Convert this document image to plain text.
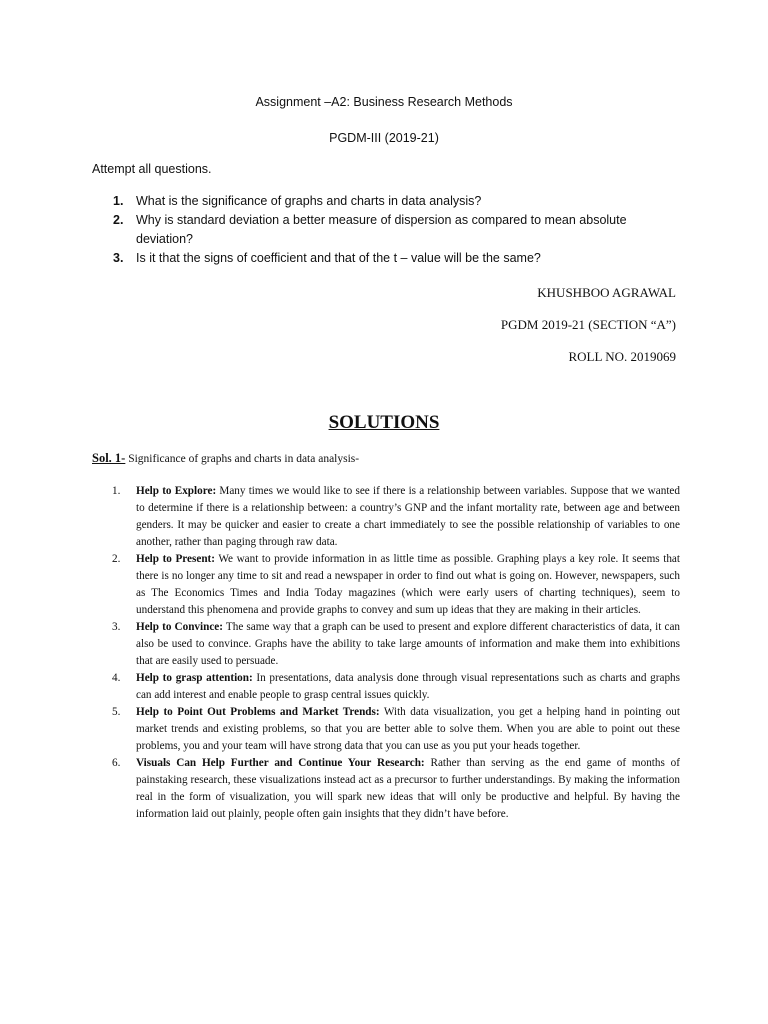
Assignment –A2: Business Research Methods
PGDM-III (2019-21)
Attempt all questions.
1. What is the significance of graphs and charts in data analysis?
2. Why is standard deviation a better measure of dispersion as compared to mean absolute deviation?
3. Is it that the signs of coefficient and that of the t – value will be the same?
KHUSHBOO AGRAWAL
PGDM 2019-21 (SECTION “A”)
ROLL NO. 2019069
SOLUTIONS
Sol. 1- Significance of graphs and charts in data analysis-
1. Help to Explore: Many times we would like to see if there is a relationship between variables. Suppose that we wanted to determine if there is a relationship between: a country’s GNP and the infant mortality rate, between age and between genders. It may be quicker and easier to create a chart immediately to see the possible relationship of variables to one another, rather than paging through raw data.
2. Help to Present: We want to provide information in as little time as possible. Graphing plays a key role. It seems that there is no longer any time to sit and read a newspaper in order to find out what is going on. However, newspapers, such as The Economics Times and India Today magazines (which were early users of charting techniques), seem to understand this phenomena and provide graphs to convey and sum up ideas that they are making in their articles.
3. Help to Convince: The same way that a graph can be used to present and explore different characteristics of data, it can also be used to convince. Graphs have the ability to take large amounts of information and make them into exhibitions that are easily used to persuade.
4. Help to grasp attention: In presentations, data analysis done through visual representations such as charts and graphs can add interest and enable people to grasp central issues quickly.
5. Help to Point Out Problems and Market Trends: With data visualization, you get a helping hand in pointing out market trends and existing problems, so that you are better able to solve them. When you are able to point out these problems, you and your team will have strong data that you can use as you put your heads together.
6. Visuals Can Help Further and Continue Your Research: Rather than serving as the end game of months of painstaking research, these visualizations instead act as a precursor to further understandings. By making the information real in the form of visualization, you will spark new ideas that will only be productive and helpful. By having the information laid out plainly, people often gain insights that they didn’t have before.
